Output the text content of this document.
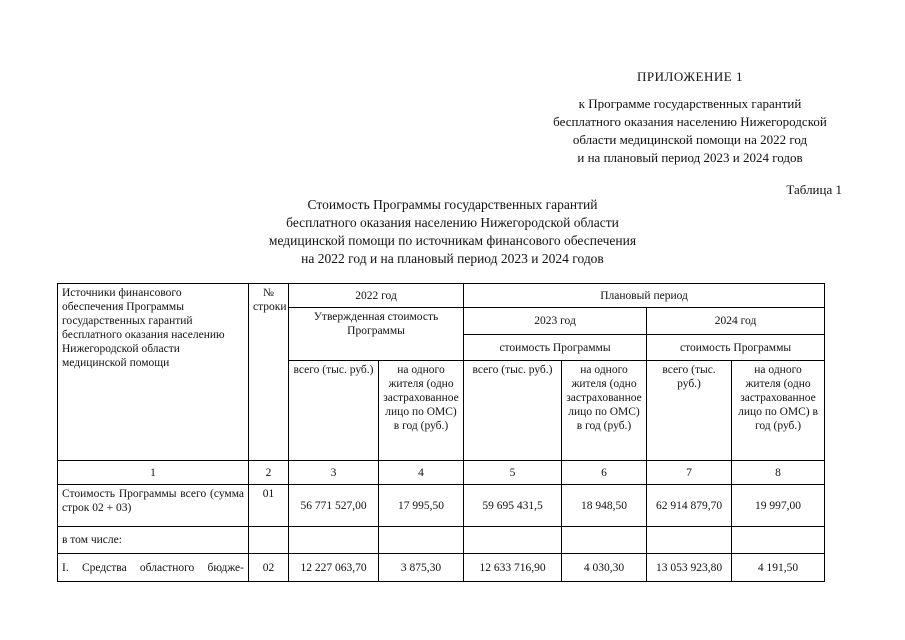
ПРИЛОЖЕНИЕ 1
к Программе государственных гарантий
бесплатного оказания населению Нижегородской
области медицинской помощи на 2022 год
и на плановый период 2023 и 2024 годов
Таблица 1
Стоимость Программы государственных гарантий
бесплатного оказания населению Нижегородской области
медицинской помощи по источникам финансового обеспечения
на 2022 год и на плановый период 2023 и 2024 годов
Источники финансового обеспечения Программы государственных гарантий бесплатного оказания населению Нижегородской области медицинской помощи	№ строки	2022 год		Плановый период			
		Утвержденная стоимость Программы		2023 год		2024 год	
				стоимость Программы		стоимость Программы	
		всего (тыс. руб.)	на одного жителя (одно застрахованное лицо по ОМС) в год (руб.)	всего (тыс. руб.)	на одного жителя (одно застрахованное лицо по ОМС) в год (руб.)	всего (тыс. руб.)	на одного жителя (одно застрахованное лицо по ОМС) в год (руб.)
1	2	3	4	5	6	7	8
Стоимость Программы всего (сумма строк 02 + 03)	01	56 771 527,00	17 995,50	59 695 431,5	18 948,50	62 914 879,70	19 997,00
в том числе:							
I. Средства областного бюдже-	02	12 227 063,70	3 875,30	12 633 716,90	4 030,30	13 053 923,80	4 191,50
